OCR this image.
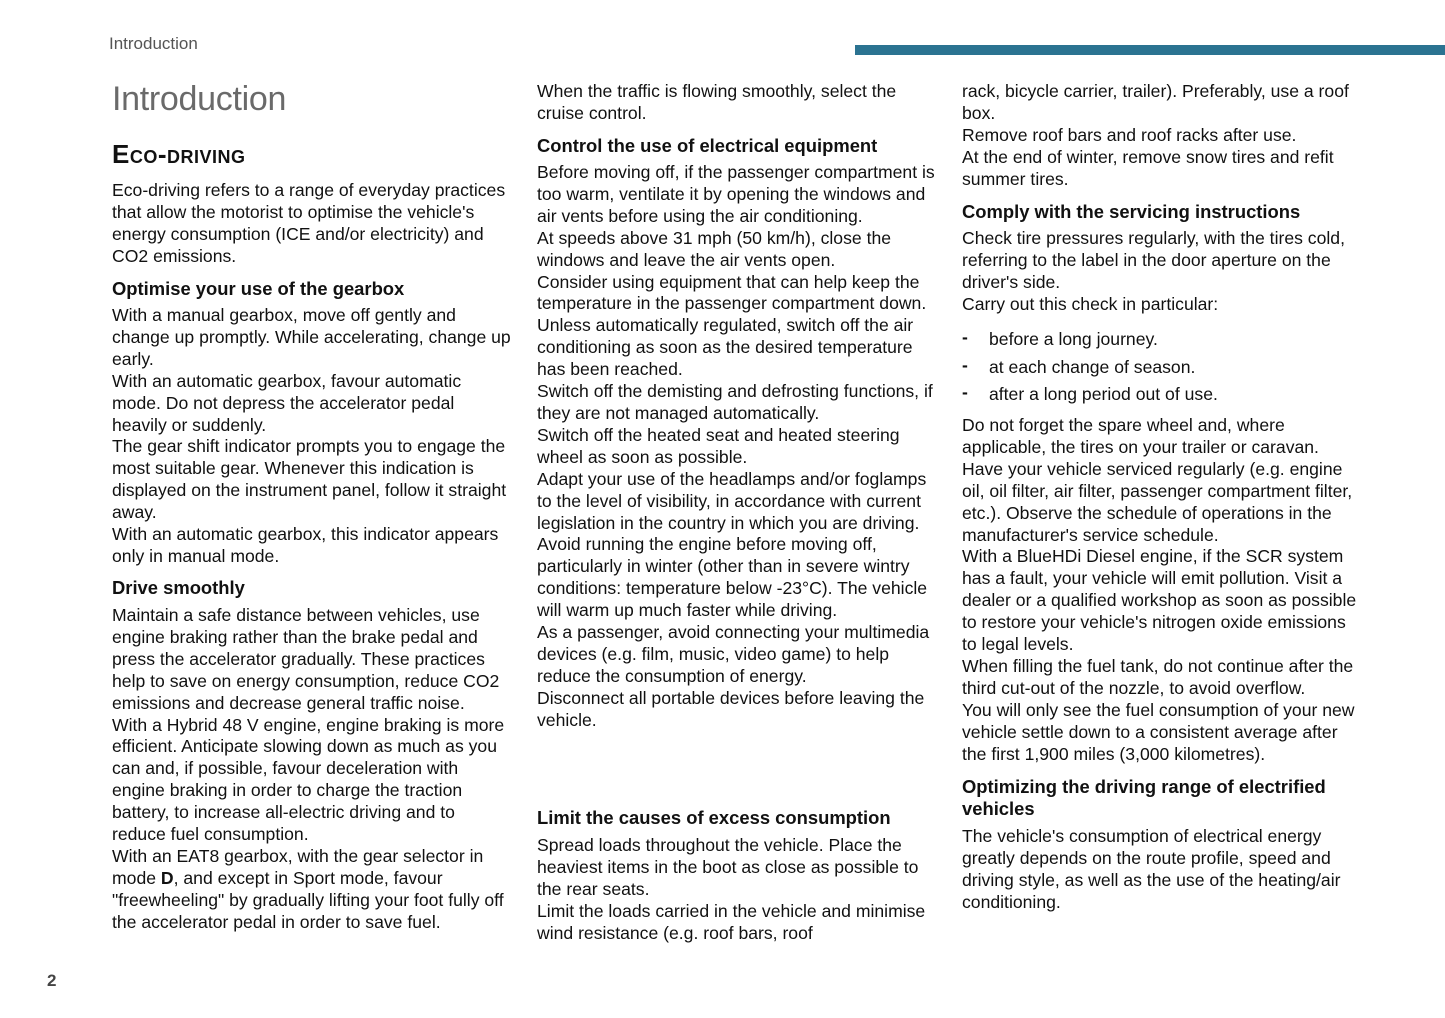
Introduction
Introduction
Eco-driving

Eco-driving refers to a range of everyday practices that allow the motorist to optimise the vehicle's energy consumption (ICE and/or electricity) and CO2 emissions.

Optimise your use of the gearbox

With a manual gearbox, move off gently and change up promptly. While accelerating, change up early.

With an automatic gearbox, favour automatic mode. Do not depress the accelerator pedal heavily or suddenly.

The gear shift indicator prompts you to engage the most suitable gear. Whenever this indication is displayed on the instrument panel, follow it straight away.

With an automatic gearbox, this indicator appears only in manual mode.

Drive smoothly

Maintain a safe distance between vehicles, use engine braking rather than the brake pedal and press the accelerator gradually. These practices help to save on energy consumption, reduce CO2 emissions and decrease general traffic noise.

With a Hybrid 48 V engine, engine braking is more efficient. Anticipate slowing down as much as you can and, if possible, favour deceleration with engine braking in order to charge the traction battery, to increase all-electric driving and to reduce fuel consumption.

With an EAT8 gearbox, with the gear selector in mode D, and except in Sport mode, favour "freewheeling" by gradually lifting your foot fully off the accelerator pedal in order to save fuel.

When the traffic is flowing smoothly, select the cruise control.

Control the use of electrical equipment

Before moving off, if the passenger compartment is too warm, ventilate it by opening the windows and air vents before using the air conditioning.

At speeds above 31 mph (50 km/h), close the windows and leave the air vents open.

Consider using equipment that can help keep the temperature in the passenger compartment down.

Unless automatically regulated, switch off the air conditioning as soon as the desired temperature has been reached.

Switch off the demisting and defrosting functions, if they are not managed automatically.

Switch off the heated seat and heated steering wheel as soon as possible.

Adapt your use of the headlamps and/or foglamps to the level of visibility, in accordance with current legislation in the country in which you are driving.

Avoid running the engine before moving off, particularly in winter (other than in severe wintry conditions: temperature below -23°C). The vehicle will warm up much faster while driving.

As a passenger, avoid connecting your multimedia devices (e.g. film, music, video game) to help reduce the consumption of energy.

Disconnect all portable devices before leaving the vehicle.

Limit the causes of excess consumption

Spread loads throughout the vehicle. Place the heaviest items in the boot as close as possible to the rear seats.

Limit the loads carried in the vehicle and minimise wind resistance (e.g. roof bars, roof

rack, bicycle carrier, trailer). Preferably, use a roof box.

Remove roof bars and roof racks after use.

At the end of winter, remove snow tires and refit summer tires.

Comply with the servicing instructions

Check tire pressures regularly, with the tires cold, referring to the label in the door aperture on the driver's side.

Carry out this check in particular:

- before a long journey.
- at each change of season.
- after a long period out of use.

Do not forget the spare wheel and, where applicable, the tires on your trailer or caravan.

Have your vehicle serviced regularly (e.g. engine oil, oil filter, air filter, passenger compartment filter, etc.). Observe the schedule of operations in the manufacturer's service schedule.

With a BlueHDi Diesel engine, if the SCR system has a fault, your vehicle will emit pollution. Visit a dealer or a qualified workshop as soon as possible to restore your vehicle's nitrogen oxide emissions to legal levels.

When filling the fuel tank, do not continue after the third cut-out of the nozzle, to avoid overflow.

You will only see the fuel consumption of your new vehicle settle down to a consistent average after the first 1,900 miles (3,000 kilometres).

Optimizing the driving range of electrified vehicles

The vehicle's consumption of electrical energy greatly depends on the route profile, speed and driving style, as well as the use of the heating/air conditioning.

2
